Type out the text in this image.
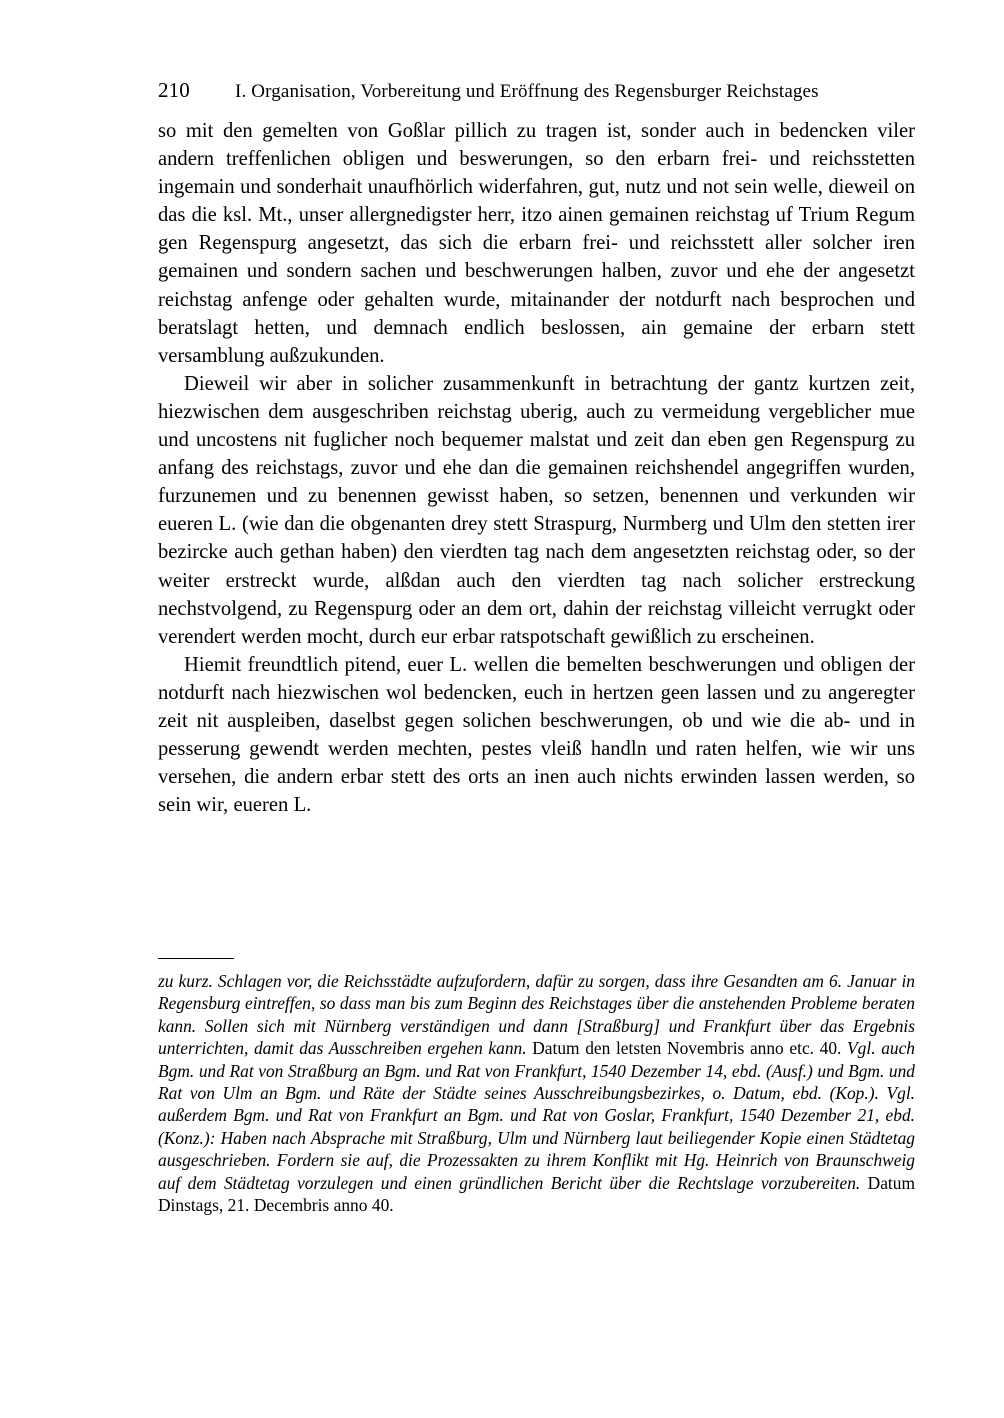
210	I. Organisation, Vorbereitung und Eröffnung des Regensburger Reichstages

so mit den gemelten von Goßlar pillich zu tragen ist, sonder auch in bedencken viler andern treffenlichen obligen und beswerungen, so den erbarn frei- und reichsstetten ingemain und sonderhait unaufhörlich widerfahren, gut, nutz und not sein welle, dieweil on das die ksl. Mt., unser allergnedigster herr, itzo ainen gemainen reichstag uf Trium Regum gen Regenspurg angesetzt, das sich die erbarn frei- und reichsstett aller solcher iren gemainen und sondern sachen und beschwerungen halben, zuvor und ehe der angesetzt reichstag anfenge oder gehalten wurde, mitainander der notdurft nach besprochen und beratslagt hetten, und demnach endlich beslossen, ain gemaine der erbarn stett versamblung außzukunden.

Dieweil wir aber in solicher zusammenkunft in betrachtung der gantz kurtzen zeit, hiezwischen dem ausgeschriben reichstag uberig, auch zu vermeidung vergeblicher mue und uncostens nit fuglicher noch bequemer malstat und zeit dan eben gen Regenspurg zu anfang des reichstags, zuvor und ehe dan die gemainen reichshendel angegriffen wurden, furzunemen und zu benennen gewisst haben, so setzen, benennen und verkunden wir eueren L. (wie dan die obgenanten drey stett Straspurg, Nurmberg und Ulm den stetten irer bezircke auch gethan haben) den vierdten tag nach dem angesetzten reichstag oder, so der weiter erstreckt wurde, alßdan auch den vierdten tag nach solicher erstreckung nechstvolgend, zu Regenspurg oder an dem ort, dahin der reichstag villeicht verrugkt oder verendert werden mocht, durch eur erbar ratspotschaft gewißlich zu erscheinen.

Hiemit freundtlich pitend, euer L. wellen die bemelten beschwerungen und obligen der notdurft nach hiezwischen wol bedencken, euch in hertzen geen lassen und zu angeregter zeit nit auspleiben, daselbst gegen solichen beschwerungen, ob und wie die ab- und in pesserung gewendt werden mechten, pestes vleiß handln und raten helfen, wie wir uns versehen, die andern erbar stett des orts an inen auch nichts erwinden lassen werden, so sein wir, eueren L.

zu kurz. Schlagen vor, die Reichsstädte aufzufordern, dafür zu sorgen, dass ihre Gesandten am 6. Januar in Regensburg eintreffen, so dass man bis zum Beginn des Reichstages über die anstehenden Probleme beraten kann. Sollen sich mit Nürnberg verständigen und dann [Straßburg] und Frankfurt über das Ergebnis unterrichten, damit das Ausschreiben ergehen kann. Datum den letsten Novembris anno etc. 40. Vgl. auch Bgm. und Rat von Straßburg an Bgm. und Rat von Frankfurt, 1540 Dezember 14, ebd. (Ausf.) und Bgm. und Rat von Ulm an Bgm. und Räte der Städte seines Ausschreibungsbezirkes, o. Datum, ebd. (Kop.). Vgl. außerdem Bgm. und Rat von Frankfurt an Bgm. und Rat von Goslar, Frankfurt, 1540 Dezember 21, ebd. (Konz.): Haben nach Absprache mit Straßburg, Ulm und Nürnberg laut beiliegender Kopie einen Städtetag ausgeschrieben. Fordern sie auf, die Prozessakten zu ihrem Konflikt mit Hg. Heinrich von Braunschweig auf dem Städtetag vorzulegen und einen gründlichen Bericht über die Rechtslage vorzubereiten. Datum Dinstags, 21. Decembris anno 40.
